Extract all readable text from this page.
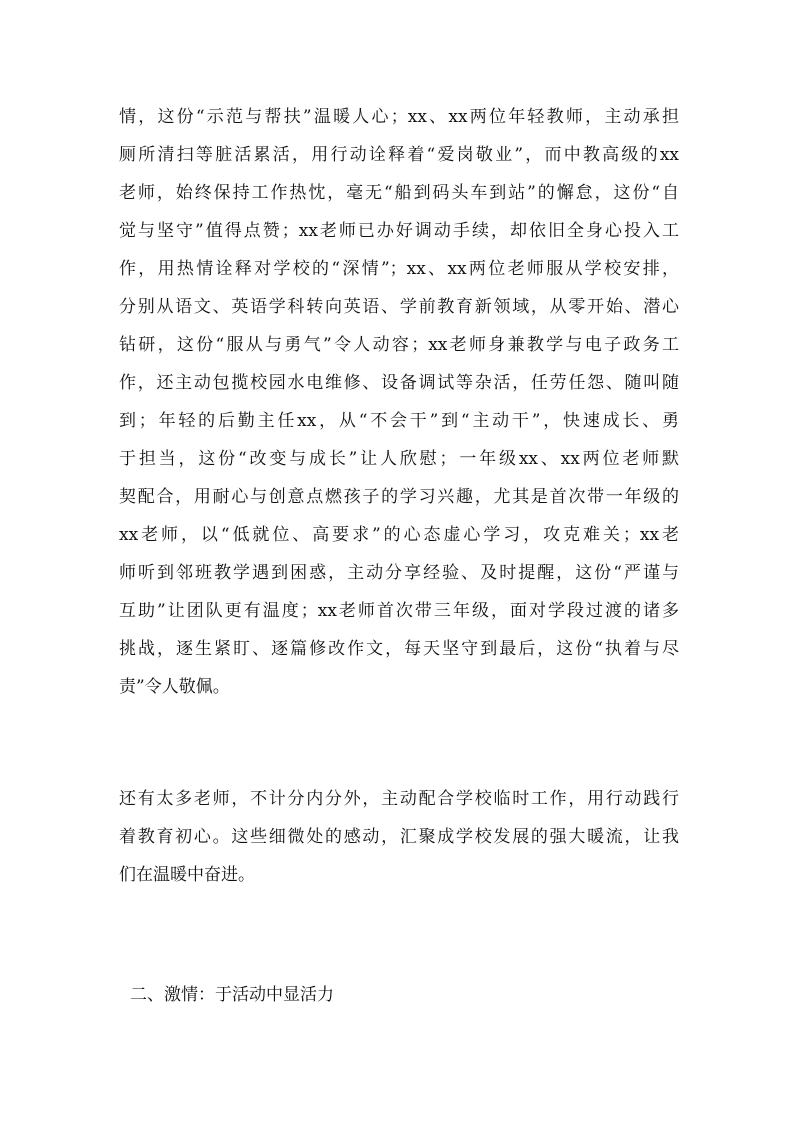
情，这份“示范与帮扶”温暖人心；xx、xx两位年轻教师，主动承担
厕所清扫等脏活累活，用行动诠释着“爱岗敬业”，而中教高级的xx
老师，始终保持工作热忱，毫无“船到码头车到站”的懈怠，这份“自
觉与坚守”值得点赞；xx老师已办好调动手续，却依旧全身心投入工
作，用热情诠释对学校的“深情”；xx、xx两位老师服从学校安排，
分别从语文、英语学科转向英语、学前教育新领域，从零开始、潜心
钻研，这份“服从与勇气”令人动容；xx老师身兼教学与电子政务工
作，还主动包揽校园水电维修、设备调试等杂活，任劳任怨、随叫随
到；年轻的后勤主任xx，从“不会干”到“主动干”，快速成长、勇
于担当，这份“改变与成长”让人欣慰；一年级xx、xx两位老师默
契配合，用耐心与创意点燃孩子的学习兴趣，尤其是首次带一年级的
xx老师，以“低就位、高要求”的心态虚心学习，攻克难关；xx老
师听到邻班教学遇到困惑，主动分享经验、及时提醒，这份“严谨与
互助”让团队更有温度；xx老师首次带三年级，面对学段过渡的诸多
挑战，逐生紧盯、逐篇修改作文，每天坚守到最后，这份“执着与尽
责”令人敬佩。
还有太多老师，不计分内分外，主动配合学校临时工作，用行动践行
着教育初心。这些细微处的感动，汇聚成学校发展的强大暖流，让我
们在温暖中奋进。
二、激情：于活动中显活力
